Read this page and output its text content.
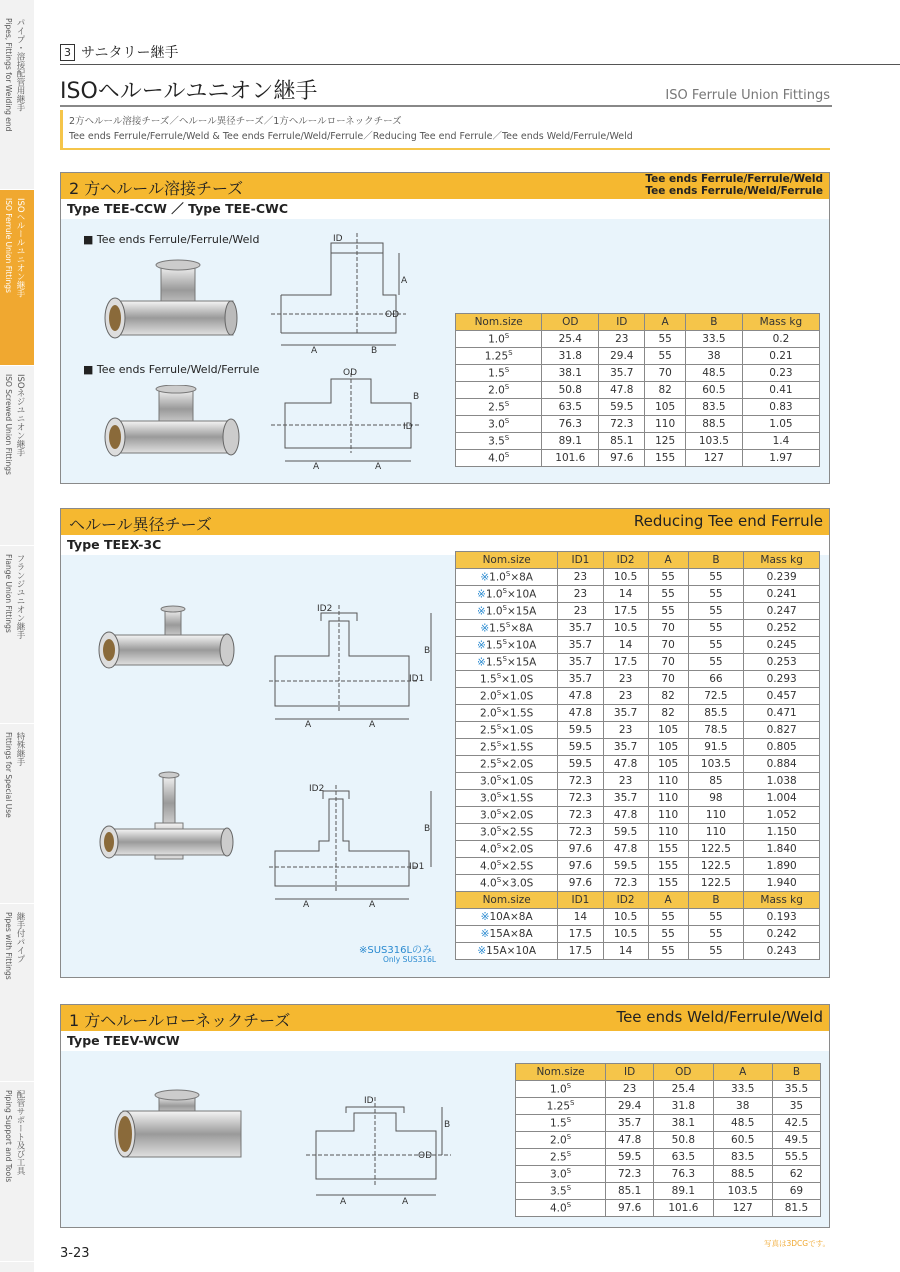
パイプ・溶接配管用継手
Pipes, Fittings for Welding end
ISOヘルールユニオン継手
ISO Ferrule Union Fittings
ISOネジユニオン継手
ISO Screwed Union Fittings
フランジユニオン継手
Flange Union Fittings
特殊継手
Fittings for Special Use
継手付パイプ
Pipes with Fittings
配管サポート及び工具
Piping Support and Tools
3 サニタリー継手
ISOヘルールユニオン継手	ISO Ferrule Union Fittings
2方ヘルール溶接チーズ／ヘルール異径チーズ／1方ヘルールローネックチーズ
Tee ends Ferrule/Ferrule/Weld & Tee ends Ferrule/Weld/Ferrule／Reducing Tee end Ferrule／Tee ends Weld/Ferrule/Weld
2 方ヘルール溶接チーズ	Tee ends Ferrule/Ferrule/Weld
Tee ends Ferrule/Weld/Ferrule
Type TEE-CCW ／ Type TEE-CWC
■ Tee ends Ferrule/Ferrule/Weld
■ Tee ends Ferrule/Weld/Ferrule
ID
A	B
A
OD
OD
B
ID
A	A
Nom.size	OD	ID	A	B	Mass kg
$1.0^S$	25.4	23	55	33.5	0.2
$1.25^S$	31.8	29.4	55	38	0.21
$1.5^S$	38.1	35.7	70	48.5	0.23
$2.0^S$	50.8	47.8	82	60.5	0.41
$2.5^S$	63.5	59.5	105	83.5	0.83
$3.0^S$	76.3	72.3	110	88.5	1.05
$3.5^S$	89.1	85.1	125	103.5	1.4
$4.0^S$	101.6	97.6	155	127	1.97
ヘルール異径チーズ	Reducing Tee end Ferrule
Type TEEX-3C
ID2
B
ID1
A	A
ID2
B
ID1
A	A
※SUS316Lのみ
Only SUS316L
Nom.size	ID1	ID2	A	B	Mass kg
$※1.0^S\times 8A$	23	10.5	55	55	0.239
$※1.0^S\times 10A$	23	14	55	55	0.241
$※1.0^S\times 15A$	23	17.5	55	55	0.247
$※1.5^S\times 8A$	35.7	10.5	70	55	0.252
$※1.5^S\times 10A$	35.7	14	70	55	0.245
$※1.5^S\times 15A$	35.7	17.5	70	55	0.253
$1.5^S\times 1.0S$	35.7	23	70	66	0.293
$2.0^S\times 1.0S$	47.8	23	82	72.5	0.457
$2.0^S\times 1.5S$	47.8	35.7	82	85.5	0.471
$2.5^S\times 1.0S$	59.5	23	105	78.5	0.827
$2.5^S\times 1.5S$	59.5	35.7	105	91.5	0.805
$2.5^S\times 2.0S$	59.5	47.8	105	103.5	0.884
$3.0^S\times 1.0S$	72.3	23	110	85	1.038
$3.0^S\times 1.5S$	72.3	35.7	110	98	1.004
$3.0^S\times 2.0S$	72.3	47.8	110	110	1.052
$3.0^S\times 2.5S$	72.3	59.5	110	110	1.150
$4.0^S\times 2.0S$	97.6	47.8	155	122.5	1.840
$4.0^S\times 2.5S$	97.6	59.5	155	122.5	1.890
$4.0^S\times 3.0S$	97.6	72.3	155	122.5	1.940
Nom.size	ID1	ID2	A	B	Mass kg
※10A×8A	14	10.5	55	55	0.193
※15A×8A	17.5	10.5	55	55	0.242
※15A×10A	17.5	14	55	55	0.243
1 方ヘルールローネックチーズ	Tee ends Weld/Ferrule/Weld
Type TEEV-WCW
ID
B
OD
A	A
Nom.size	ID	OD	A	B
$1.0^S$	23	25.4	33.5	35.5
$1.25^S$	29.4	31.8	38	35
$1.5^S$	35.7	38.1	48.5	42.5
$2.0^S$	47.8	50.8	60.5	49.5
$2.5^S$	59.5	63.5	83.5	55.5
$3.0^S$	72.3	76.3	88.5	62
$3.5^S$	85.1	89.1	103.5	69
$4.0^S$	97.6	101.6	127	81.5
写真は3DCGです。
3-23
